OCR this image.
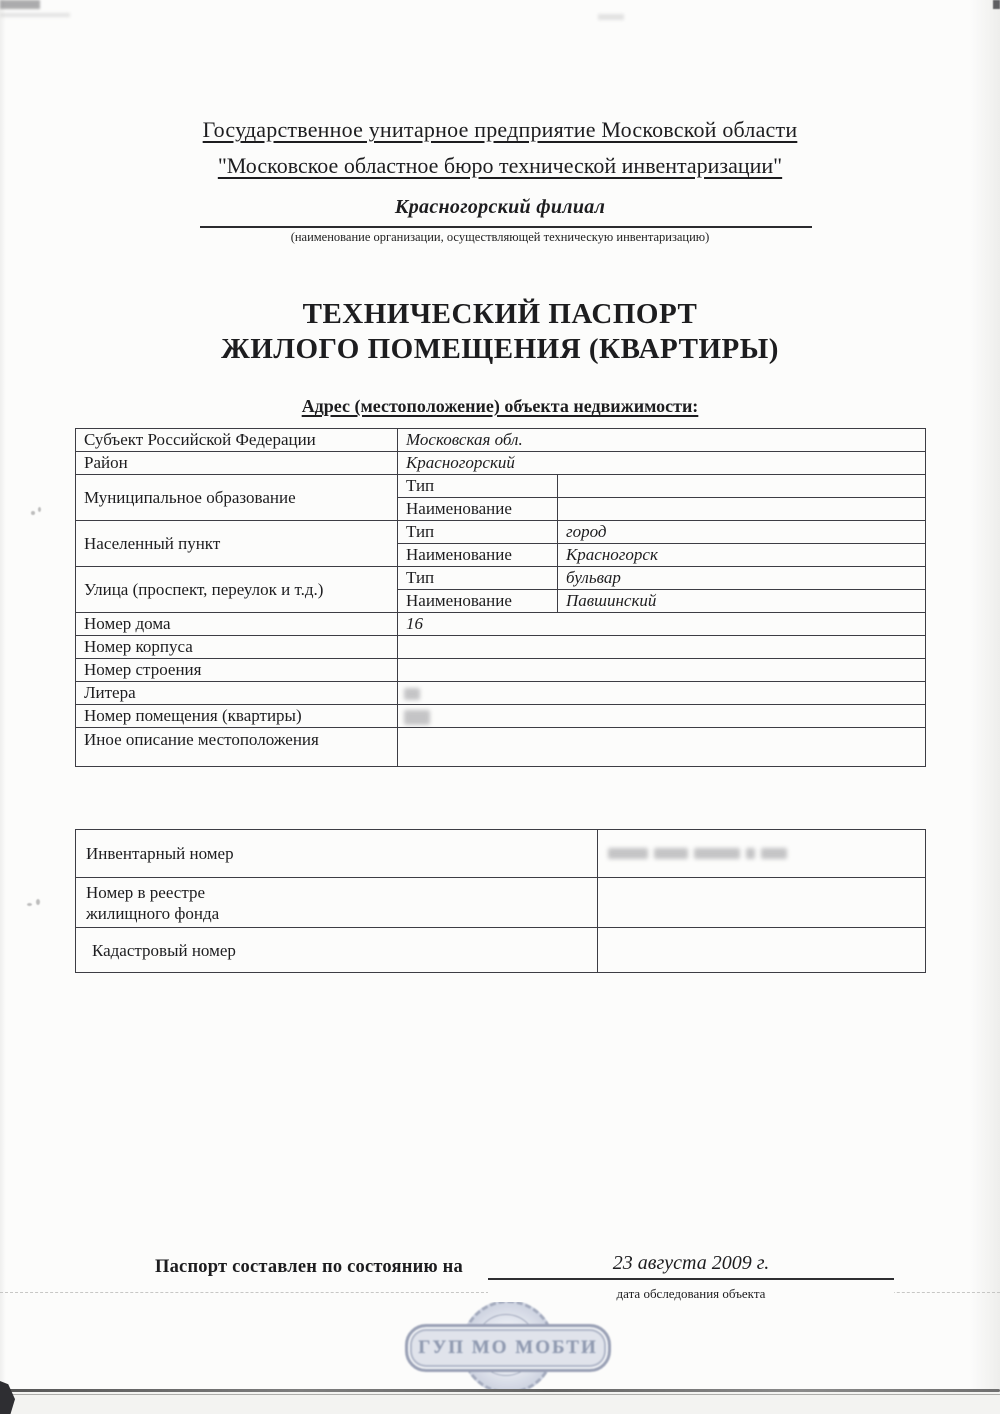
Государственное унитарное предприятие Московской области
"Московское областное бюро технической инвентаризации"
Красногорский филиал
(наименование организации, осуществляющей техническую инвентаризацию)
ТЕХНИЧЕСКИЙ ПАСПОРТ
ЖИЛОГО ПОМЕЩЕНИЯ (КВАРТИРЫ)
Адрес (местоположение) объекта недвижимости:
Субъект Российской Федерации	Московская обл.	
Район	Красногорский	
Муниципальное образование	Тип	
	Наименование	
Населенный пункт	Тип	город
	Наименование	Красногорск
Улица (проспект, переулок и т.д.)	Тип	бульвар
	Наименование	Павшинский
Номер дома	16	
Номер корпуса		
Номер строения		
Литера		
Номер помещения (квартиры)		
Иное описание местоположения		
Инвентарный номер	

Номер в реестре жилищного фонда	
Кадастровый номер	
Паспорт составлен по состоянию на	23 августа 2009 г.
дата обследования объекта
ГУП МО МОБТИ
